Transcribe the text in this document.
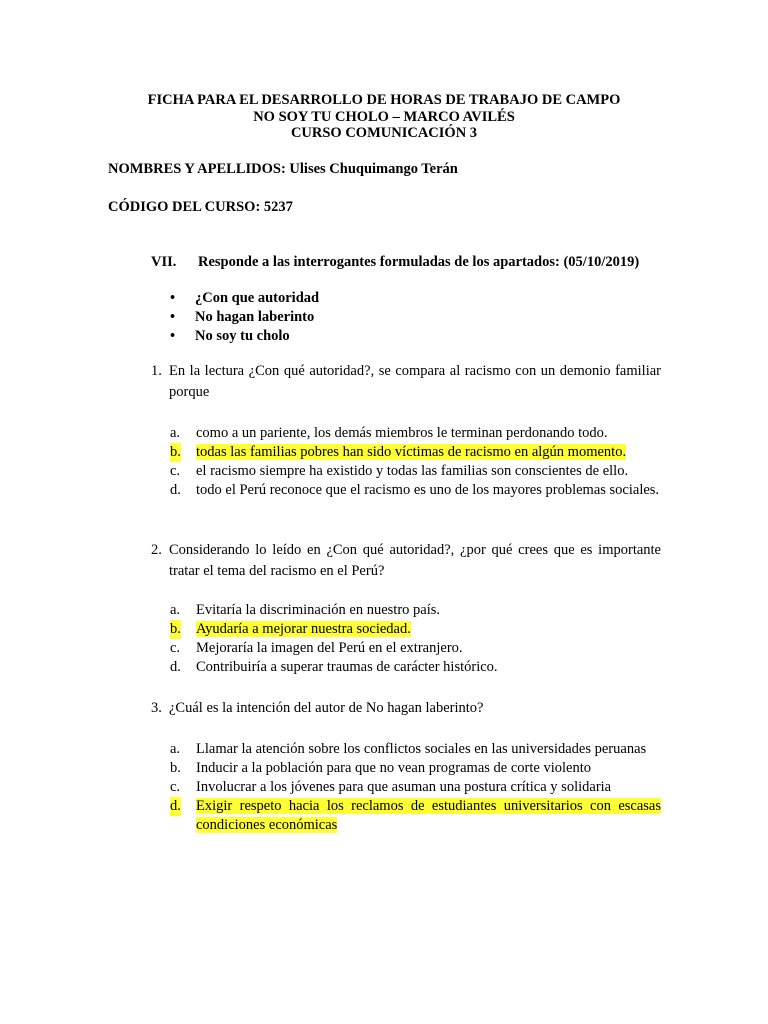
FICHA PARA EL DESARROLLO DE HORAS DE TRABAJO DE CAMPO
NO SOY TU CHOLO – MARCO AVILÉS
CURSO COMUNICACIÓN 3
NOMBRES Y APELLIDOS: Ulises Chuquimango Terán
CÓDIGO DEL CURSO: 5237
VII. Responde a las interrogantes formuladas de los apartados: (05/10/2019)
• ¿Con que autoridad
• No hagan laberinto
• No soy tu cholo
1. En la lectura ¿Con qué autoridad?, se compara al racismo con un demonio familiar porque
a. como a un pariente, los demás miembros le terminan perdonando todo.
b. todas las familias pobres han sido víctimas de racismo en algún momento.
c. el racismo siempre ha existido y todas las familias son conscientes de ello.
d. todo el Perú reconoce que el racismo es uno de los mayores problemas sociales.
2. Considerando lo leído en ¿Con qué autoridad?, ¿por qué crees que es importante tratar el tema del racismo en el Perú?
a. Evitaría la discriminación en nuestro país.
b. Ayudaría a mejorar nuestra sociedad.
c. Mejoraría la imagen del Perú en el extranjero.
d. Contribuiría a superar traumas de carácter histórico.
3. ¿Cuál es la intención del autor de No hagan laberinto?
a. Llamar la atención sobre los conflictos sociales en las universidades peruanas
b. Inducir a la población para que no vean programas de corte violento
c. Involucrar a los jóvenes para que asuman una postura crítica y solidaria
d. Exigir respeto hacia los reclamos de estudiantes universitarios con escasas condiciones económicas
